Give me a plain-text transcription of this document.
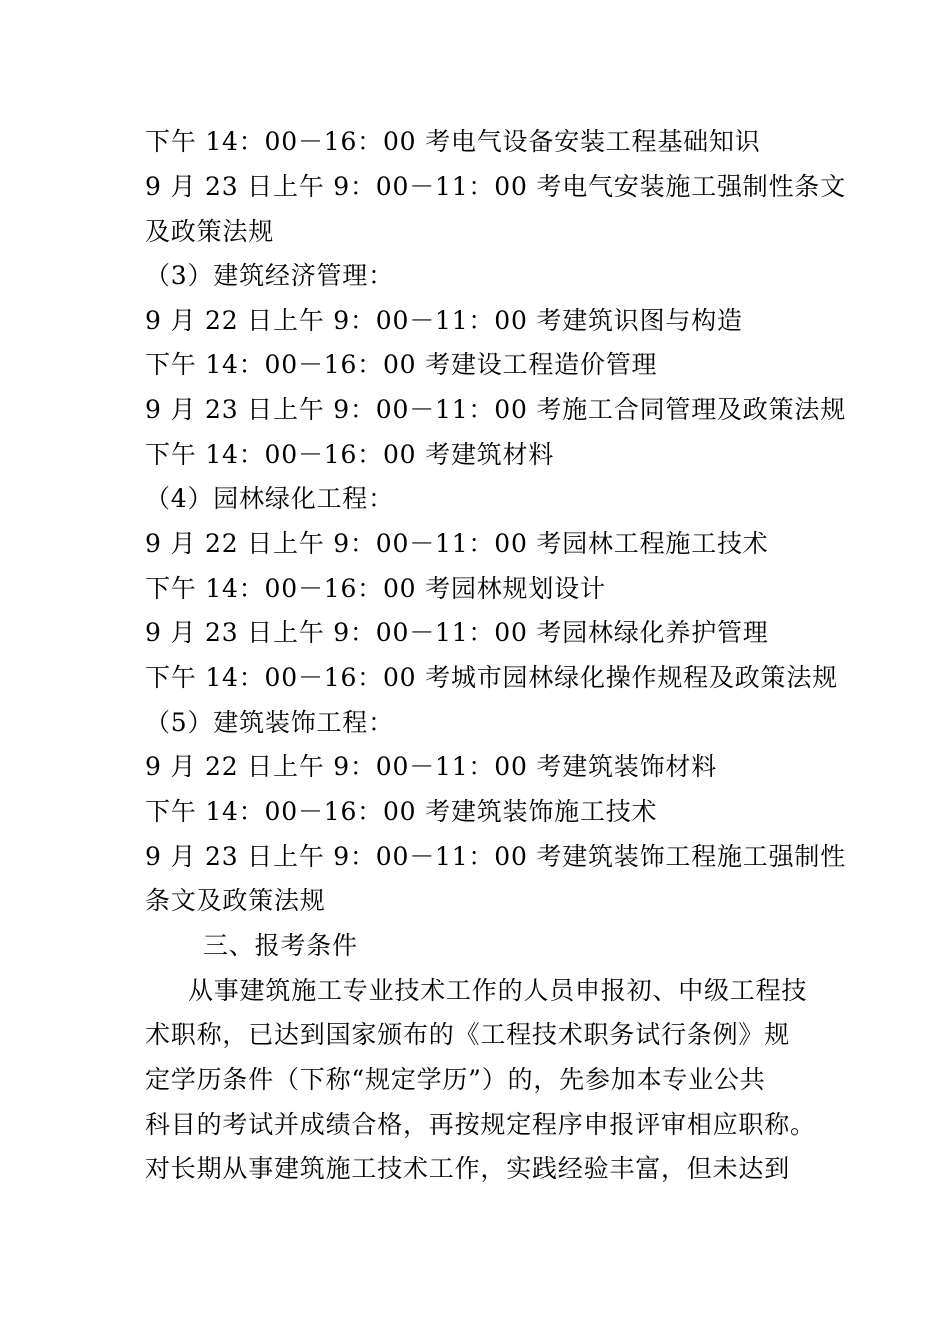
下午 14：00－16：00 考电气设备安装工程基础知识
9 月 23 日上午 9：00－11：00 考电气安装施工强制性条文
及政策法规
（3）建筑经济管理：
9 月 22 日上午 9：00－11：00 考建筑识图与构造
下午 14：00－16：00 考建设工程造价管理
9 月 23 日上午 9：00－11：00 考施工合同管理及政策法规
下午 14：00－16：00 考建筑材料
（4）园林绿化工程：
9 月 22 日上午 9：00－11：00 考园林工程施工技术
下午 14：00－16：00 考园林规划设计
9 月 23 日上午 9：00－11：00 考园林绿化养护管理
下午 14：00－16：00 考城市园林绿化操作规程及政策法规
（5）建筑装饰工程：
9 月 22 日上午 9：00－11：00 考建筑装饰材料
下午 14：00－16：00 考建筑装饰施工技术
9 月 23 日上午 9：00－11：00 考建筑装饰工程施工强制性
条文及政策法规
三、报考条件
从事建筑施工专业技术工作的人员申报初、中级工程技
术职称，已达到国家颁布的《工程技术职务试行条例》规
定学历条件（下称“规定学历”）的，先参加本专业公共
科目的考试并成绩合格，再按规定程序申报评审相应职称。
对长期从事建筑施工技术工作，实践经验丰富，但未达到
